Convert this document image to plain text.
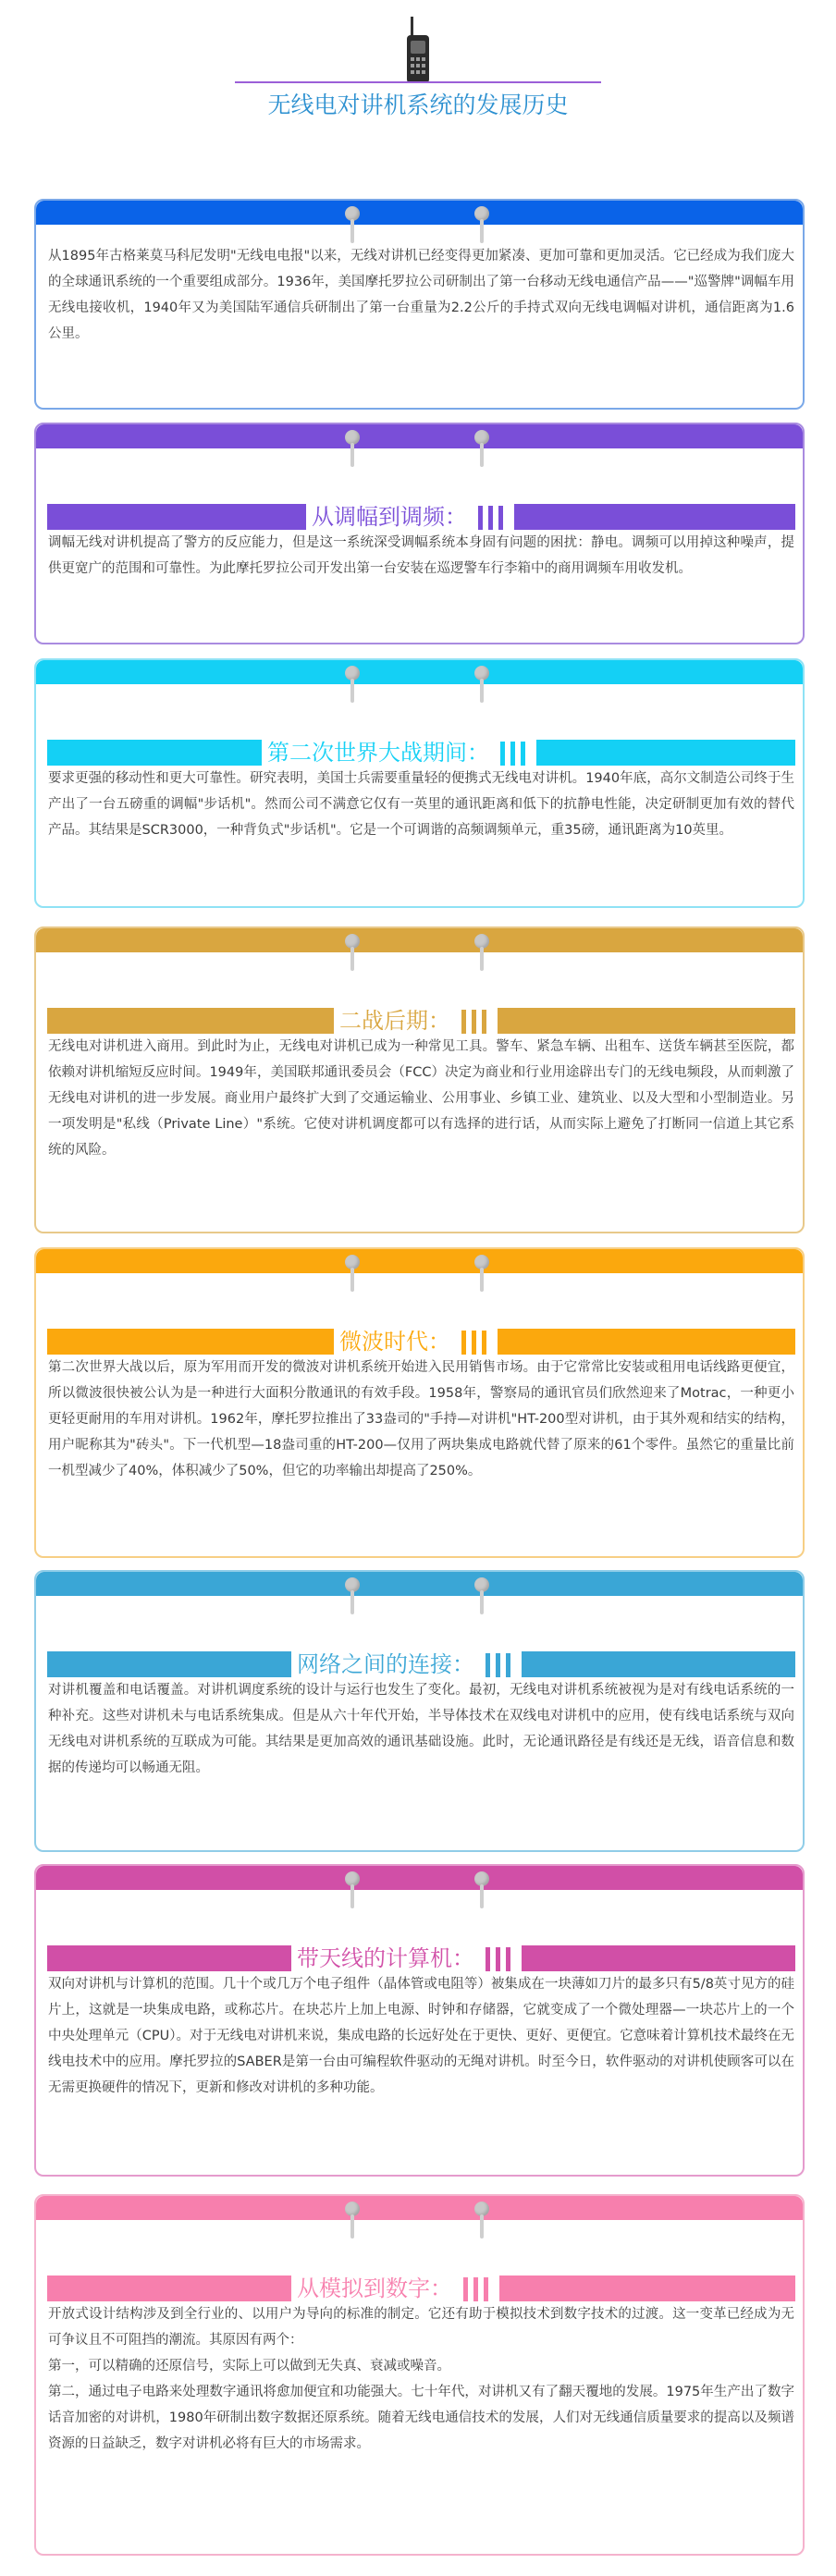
无线电对讲机系统的发展历史
从1895年古格莱莫马科尼发明"无线电电报"以来，无线对讲机已经变得更加紧凑、更加可靠和更加灵活。它已经成为我们庞大的全球通讯系统的一个重要组成部分。1936年，美国摩托罗拉公司研制出了第一台移动无线电通信产品——"巡警牌"调幅车用无线电接收机，1940年又为美国陆军通信兵研制出了第一台重量为2.2公斤的手持式双向无线电调幅对讲机，通信距离为1.6公里。
从调幅到调频：
调幅无线对讲机提高了警方的反应能力，但是这一系统深受调幅系统本身固有问题的困扰：静电。调频可以用掉这种噪声，提供更宽广的范围和可靠性。为此摩托罗拉公司开发出第一台安装在巡逻警车行李箱中的商用调频车用收发机。
第二次世界大战期间：
要求更强的移动性和更大可靠性。研究表明，美国士兵需要重量轻的便携式无线电对讲机。1940年底，高尔文制造公司终于生产出了一台五磅重的调幅"步话机"。然而公司不满意它仅有一英里的通讯距离和低下的抗静电性能，决定研制更加有效的替代产品。其结果是SCR3000，一种背负式"步话机"。它是一个可调谐的高频调频单元，重35磅，通讯距离为10英里。
二战后期：
无线电对讲机进入商用。到此时为止，无线电对讲机已成为一种常见工具。警车、紧急车辆、出租车、送货车辆甚至医院，都依赖对讲机缩短反应时间。1949年，美国联邦通讯委员会（FCC）决定为商业和行业用途辟出专门的无线电频段，从而刺激了无线电对讲机的进一步发展。商业用户最终扩大到了交通运输业、公用事业、乡镇工业、建筑业、以及大型和小型制造业。另一项发明是"私线（Private Line）"系统。它使对讲机调度都可以有选择的进行话，从而实际上避免了打断同一信道上其它系统的风险。
微波时代：
第二次世界大战以后，原为军用而开发的微波对讲机系统开始进入民用销售市场。由于它常常比安装或租用电话线路更便宜，所以微波很快被公认为是一种进行大面积分散通讯的有效手段。1958年，警察局的通讯官员们欣然迎来了Motrac，一种更小更轻更耐用的车用对讲机。1962年，摩托罗拉推出了33盎司的"手持—对讲机"HT-200型对讲机，由于其外观和结实的结构，用户昵称其为"砖头"。下一代机型—18盎司重的HT-200—仅用了两块集成电路就代替了原来的61个零件。虽然它的重量比前一机型减少了40%，体积减少了50%，但它的功率输出却提高了250%。
网络之间的连接：
对讲机覆盖和电话覆盖。对讲机调度系统的设计与运行也发生了变化。最初，无线电对讲机系统被视为是对有线电话系统的一种补充。这些对讲机未与电话系统集成。但是从六十年代开始，半导体技术在双线电对讲机中的应用，使有线电话系统与双向无线电对讲机系统的互联成为可能。其结果是更加高效的通讯基础设施。此时，无论通讯路径是有线还是无线，语音信息和数据的传递均可以畅通无阻。
带天线的计算机：
双向对讲机与计算机的范围。几十个或几万个电子组件（晶体管或电阻等）被集成在一块薄如刀片的最多只有5/8英寸见方的硅片上，这就是一块集成电路，或称芯片。在块芯片上加上电源、时钟和存储器，它就变成了一个微处理器—一块芯片上的一个中央处理单元（CPU）。对于无线电对讲机来说，集成电路的长远好处在于更快、更好、更便宜。它意味着计算机技术最终在无线电技术中的应用。摩托罗拉的SABER是第一台由可编程软件驱动的无绳对讲机。时至今日，软件驱动的对讲机使顾客可以在无需更换硬件的情况下，更新和修改对讲机的多种功能。
从模拟到数字：
开放式设计结构涉及到全行业的、以用户为导向的标准的制定。它还有助于模拟技术到数字技术的过渡。这一变革已经成为无可争议且不可阻挡的潮流。其原因有两个：
第一，可以精确的还原信号，实际上可以做到无失真、衰减或噪音。
第二，通过电子电路来处理数字通讯将愈加便宜和功能强大。七十年代，对讲机又有了翻天覆地的发展。1975年生产出了数字话音加密的对讲机，1980年研制出数字数据还原系统。随着无线电通信技术的发展，人们对无线通信质量要求的提高以及频谱资源的日益缺乏，数字对讲机必将有巨大的市场需求。
